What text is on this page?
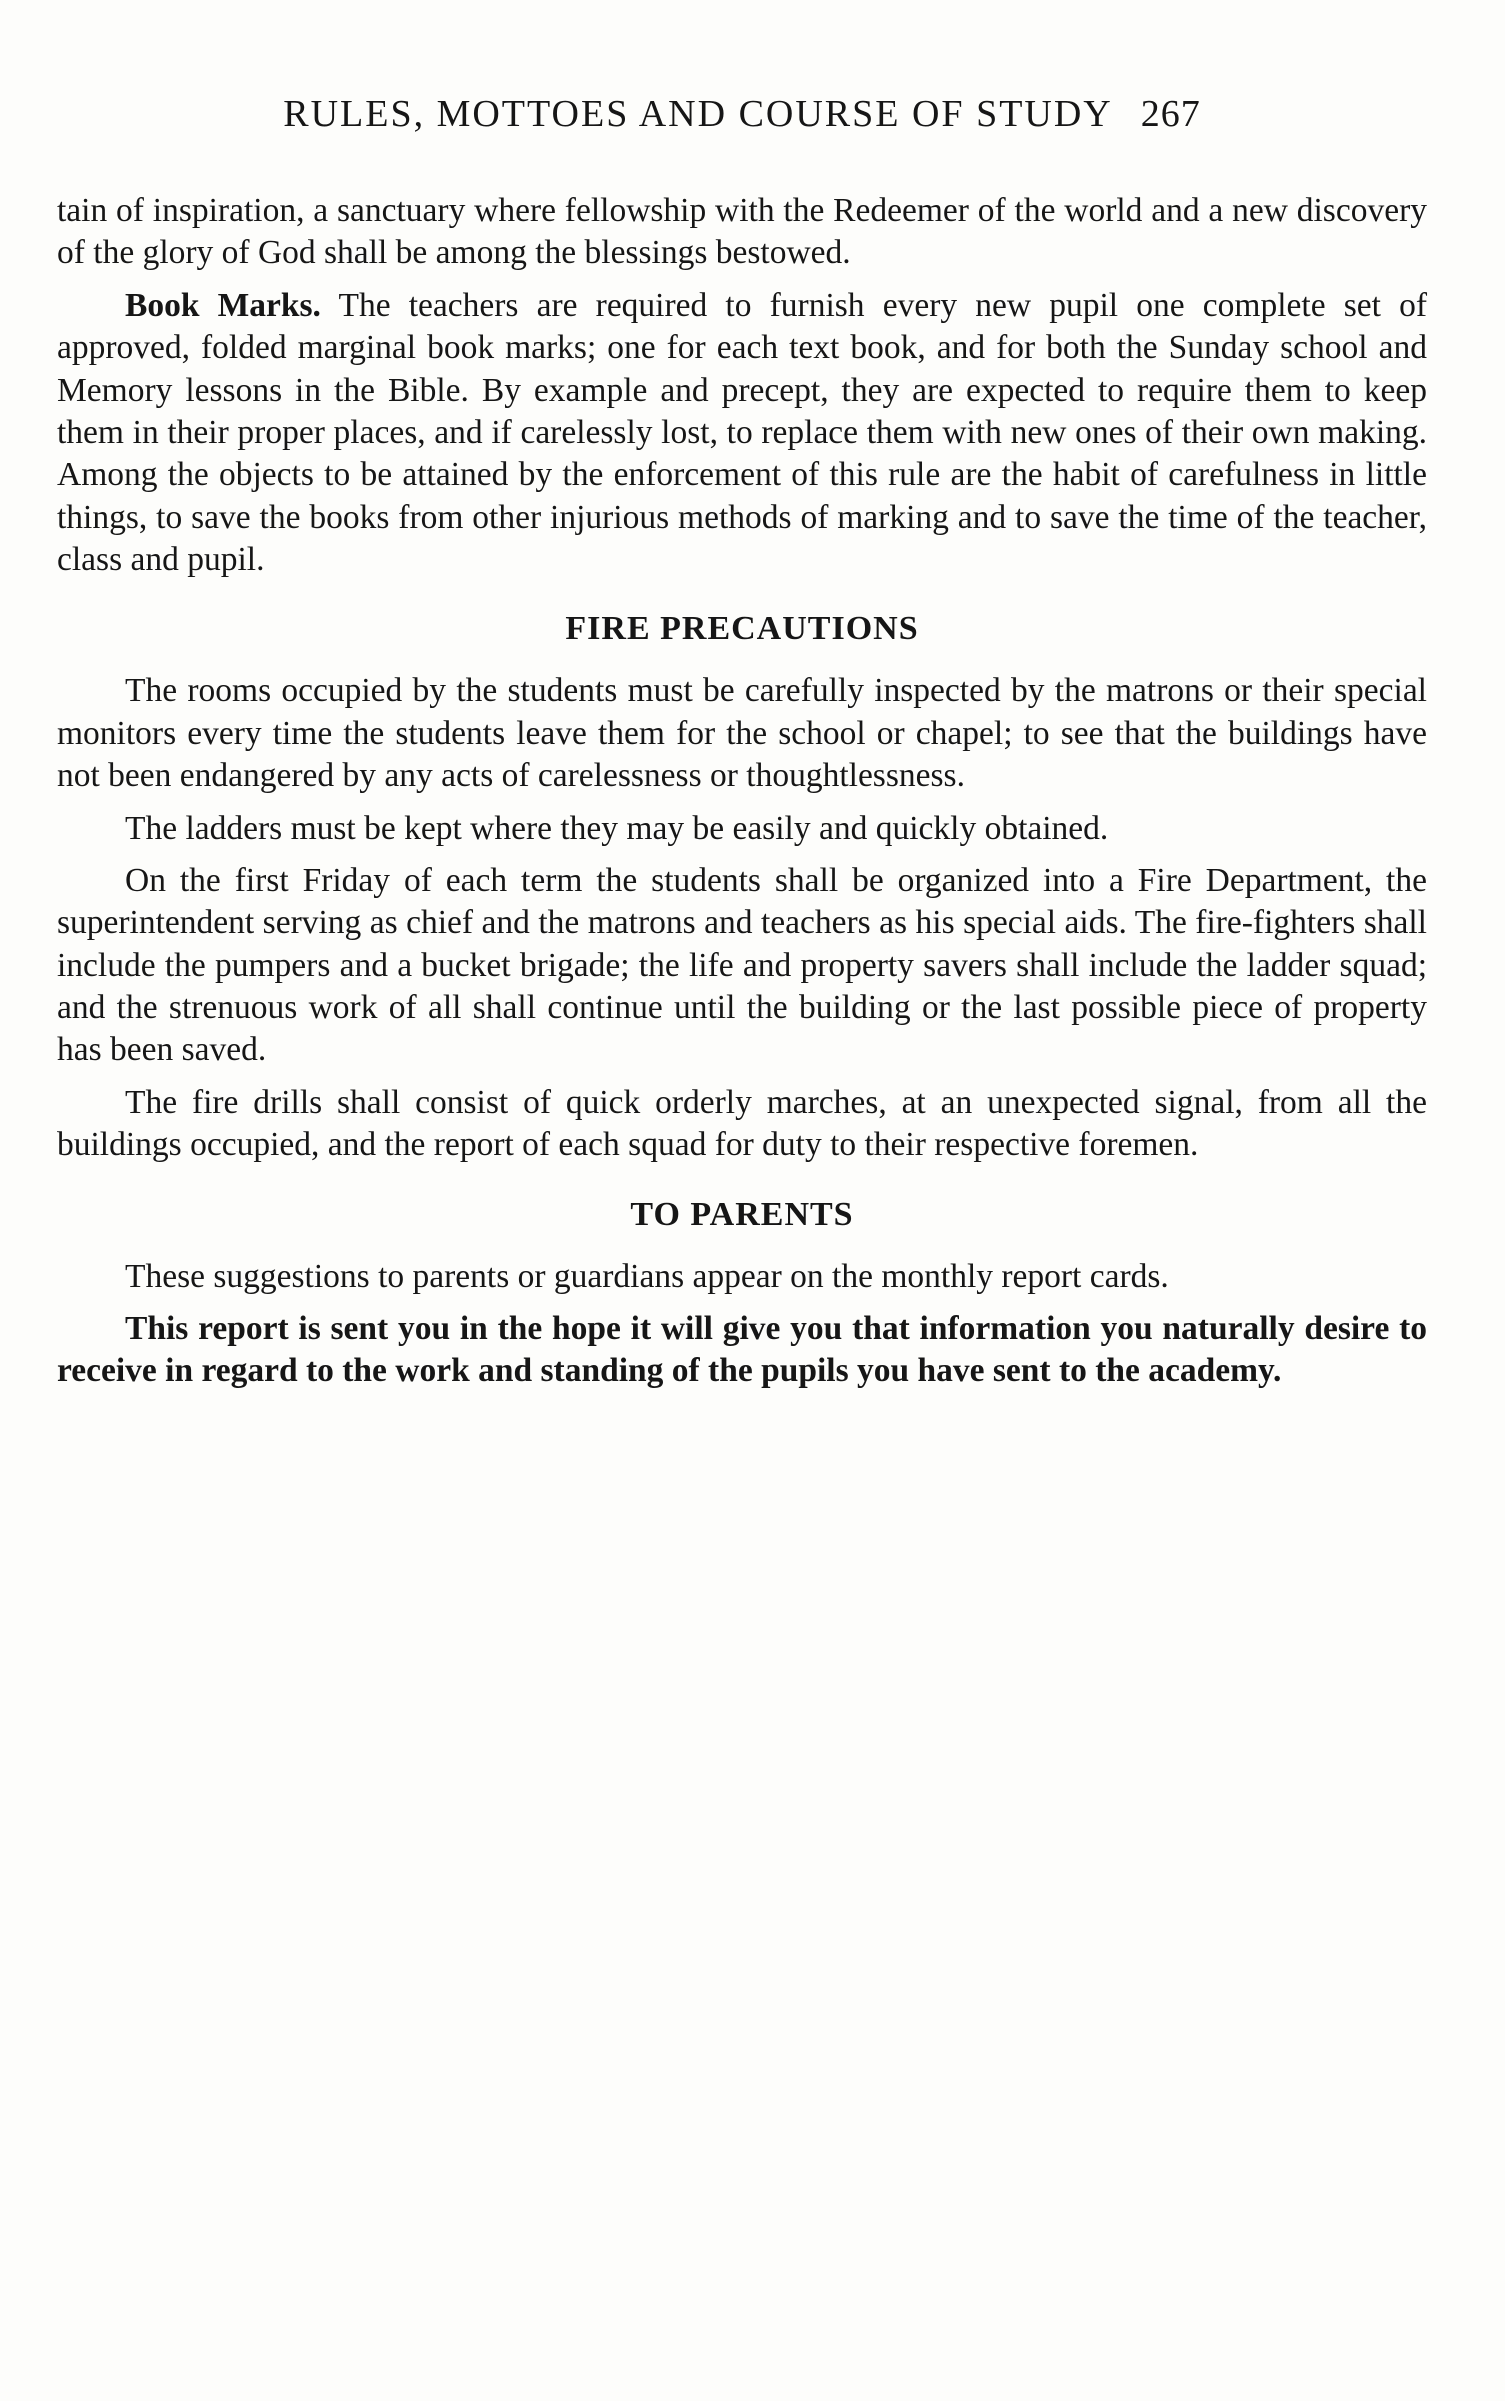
RULES, MOTTOES AND COURSE OF STUDY 267

tain of inspiration, a sanctuary where fellowship with the Redeemer of the world and a new discovery of the glory of God shall be among the blessings bestowed.

Book Marks. The teachers are required to furnish every new pupil one complete set of approved, folded marginal book marks; one for each text book, and for both the Sunday school and Memory lessons in the Bible. By example and precept, they are expected to require them to keep them in their proper places, and if carelessly lost, to replace them with new ones of their own making. Among the objects to be attained by the enforcement of this rule are the habit of carefulness in little things, to save the books from other injurious methods of marking and to save the time of the teacher, class and pupil.

FIRE PRECAUTIONS

The rooms occupied by the students must be carefully inspected by the matrons or their special monitors every time the students leave them for the school or chapel; to see that the buildings have not been endangered by any acts of carelessness or thoughtlessness.

The ladders must be kept where they may be easily and quickly obtained.

On the first Friday of each term the students shall be organized into a Fire Department, the superintendent serving as chief and the matrons and teachers as his special aids. The fire-fighters shall include the pumpers and a bucket brigade; the life and property savers shall include the ladder squad; and the strenuous work of all shall continue until the building or the last possible piece of property has been saved.

The fire drills shall consist of quick orderly marches, at an unexpected signal, from all the buildings occupied, and the report of each squad for duty to their respective foremen.

TO PARENTS

These suggestions to parents or guardians appear on the monthly report cards.

This report is sent you in the hope it will give you that information you naturally desire to receive in regard to the work and standing of the pupils you have sent to the academy.
